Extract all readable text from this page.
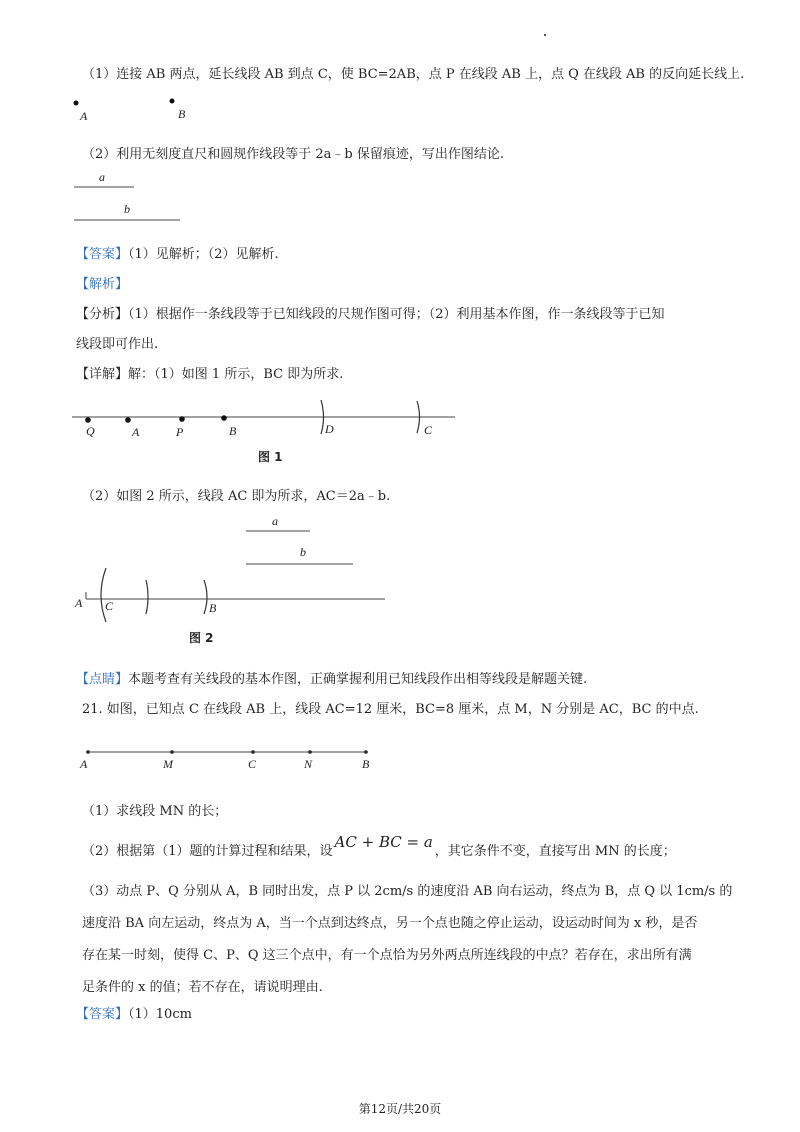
（1）连接 AB 两点，延长线段 AB 到点 C，使 BC=2AB，点 P 在线段 AB 上，点 Q 在线段 AB 的反向延长线上.
A	B
a
b
（2）利用无刻度直尺和圆规作线段等于 2a﹣b 保留痕迹，写出作图结论.
【答案】（1）见解析；（2）见解析.
【解析】
【分析】（1）根据作一条线段等于已知线段的尺规作图可得；（2）利用基本作图，作一条线段等于已知
线段即可作出.
【详解】解：（1）如图 1 所示，BC 即为所求.
Q	A	P	B	D	C
图 1
（2）如图 2 所示，线段 AC 即为所求，AC＝2a﹣b.
a
b
A C	B
图 2
【点睛】本题考查有关线段的基本作图，正确掌握利用已知线段作出相等线段是解题关键.
21. 如图，已知点 C 在线段 AB 上，线段 AC=12 厘米，BC=8 厘米，点 M，N 分别是 AC，BC 的中点.
A	M	C	N	B
（1）求线段 MN 的长；
（2）根据第（1）题的计算过程和结果，设AC + BC = a，其它条件不变，直接写出 MN 的长度；
（3）动点 P、Q 分别从 A，B 同时出发，点 P 以 2cm/s 的速度沿 AB 向右运动，终点为 B，点 Q 以 1cm/s 的
速度沿 BA 向左运动，终点为 A，当一个点到达终点，另一个点也随之停止运动，设运动时间为 x 秒，是否
存在某一时刻，使得 C、P、Q 这三个点中，有一个点恰为另外两点所连线段的中点？若存在，求出所有满
足条件的 x 的值；若不存在，请说明理由.
【答案】（1）10cm
第12页/共20页
